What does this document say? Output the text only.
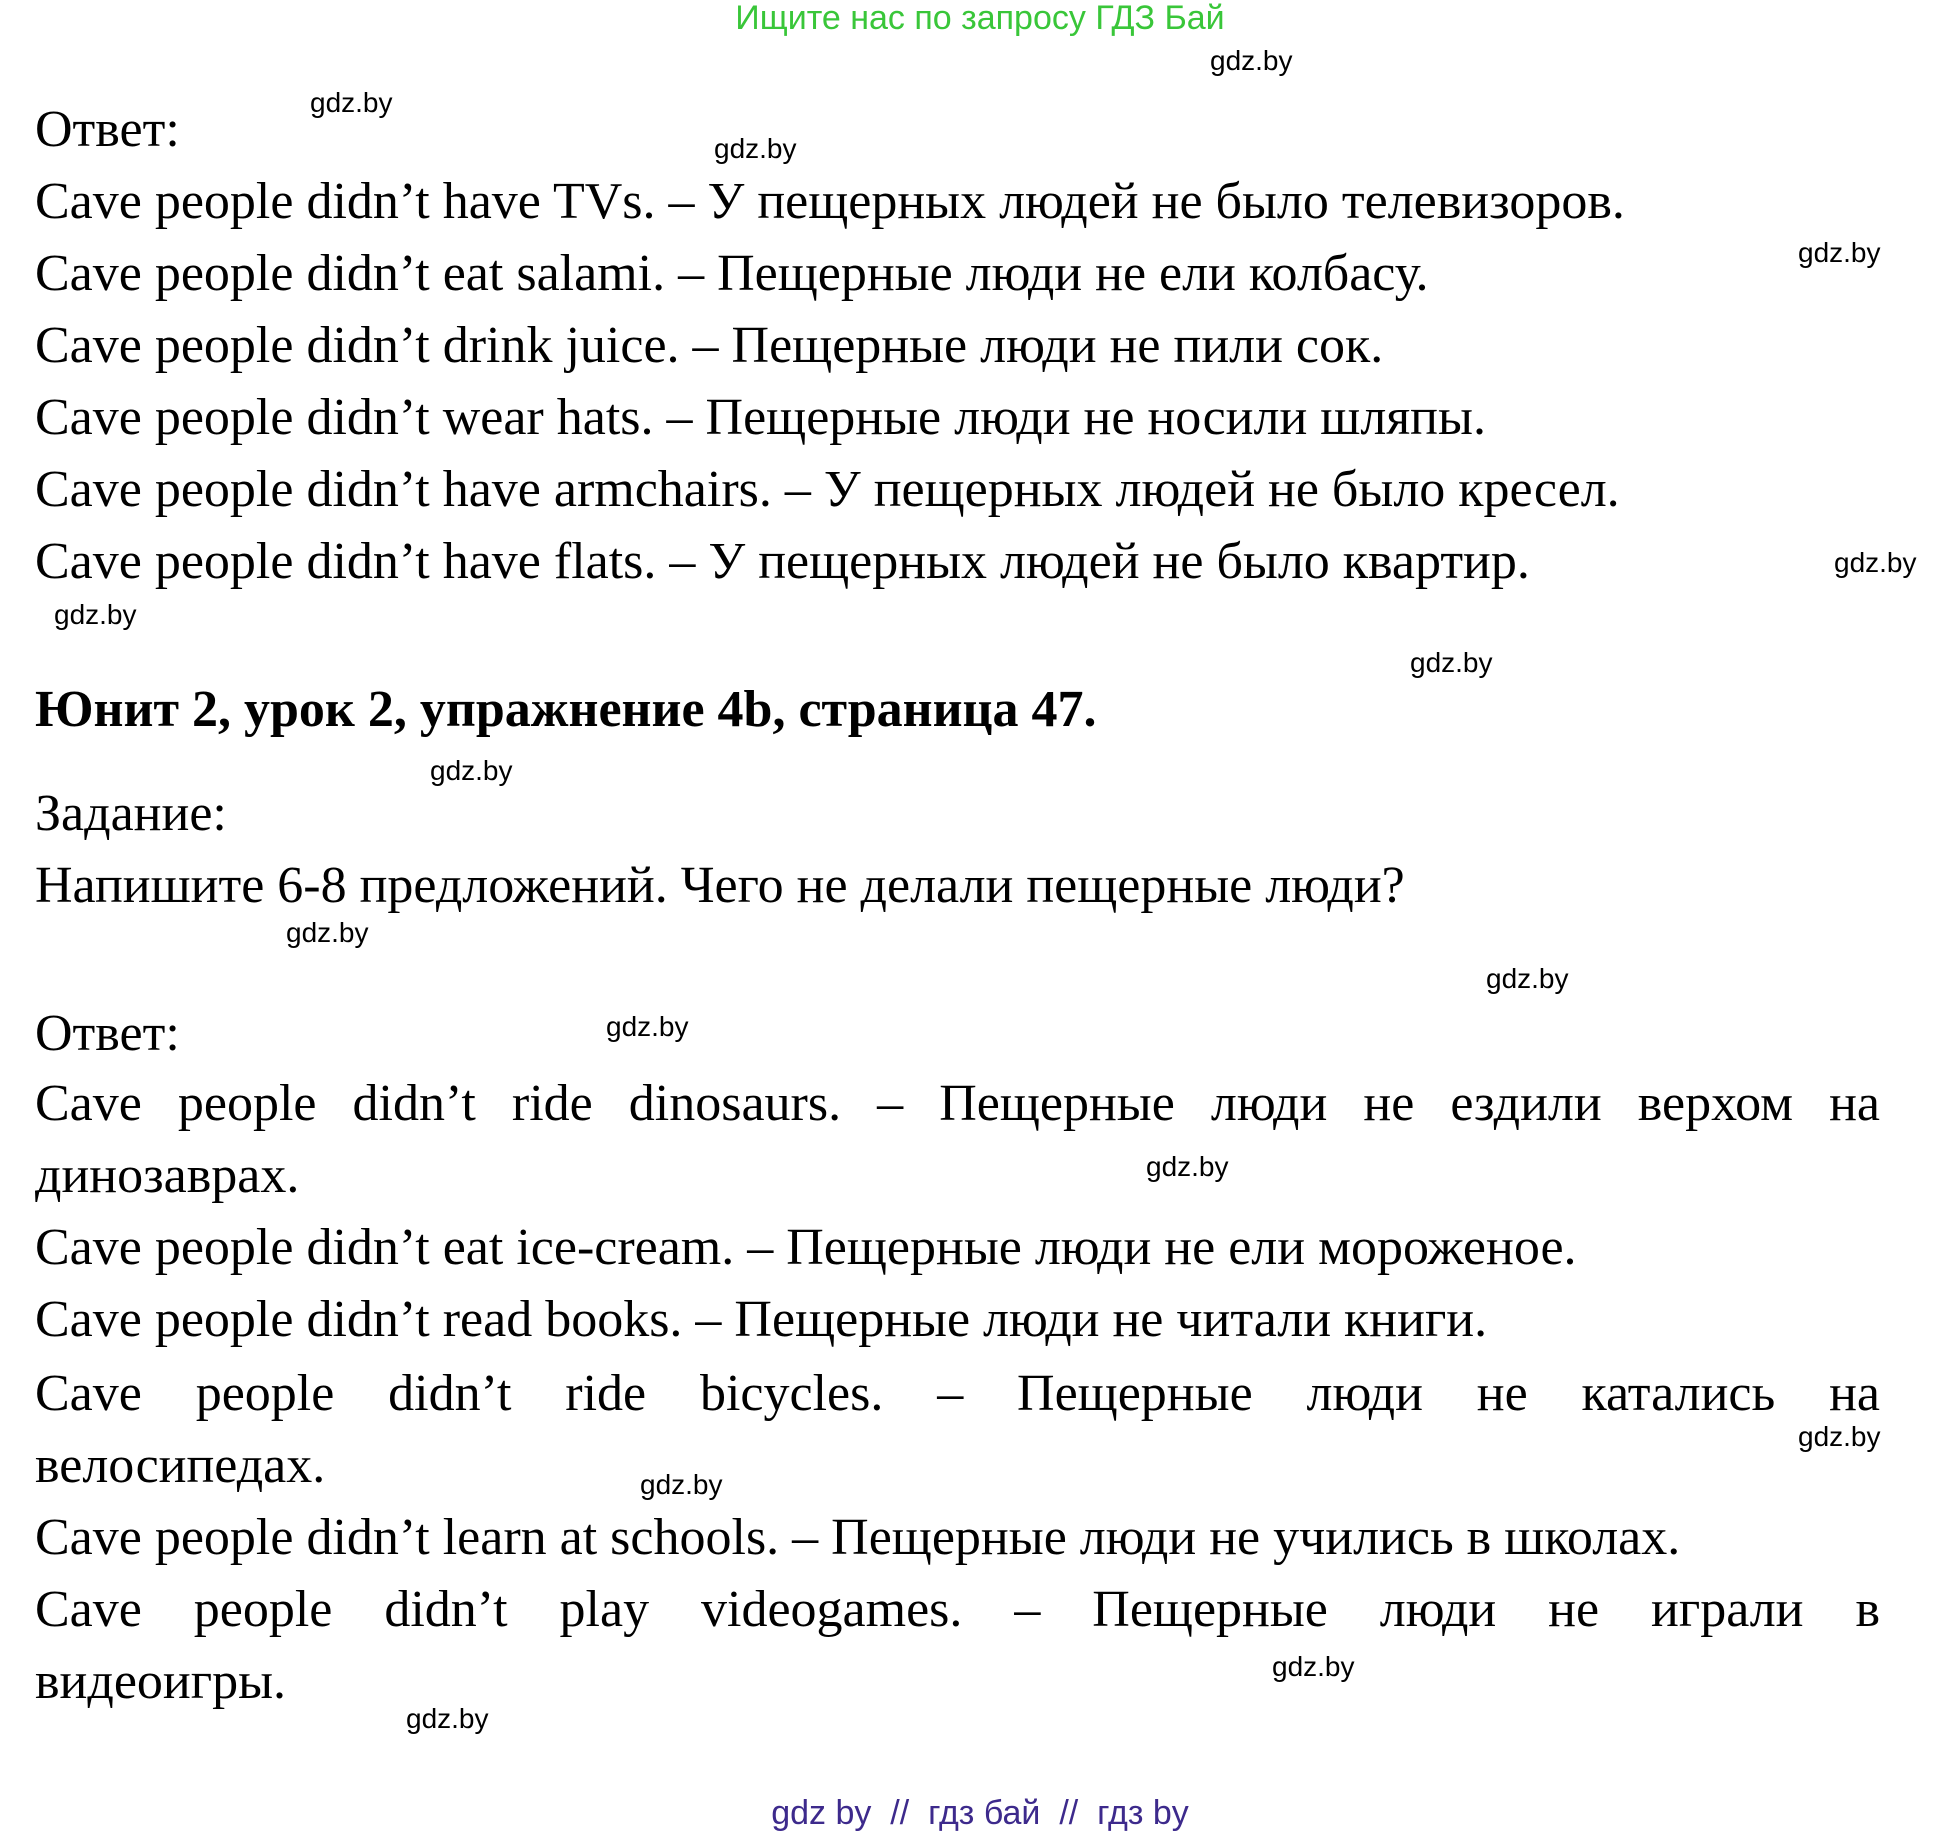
Ищите нас по запросу ГДЗ Бай
Ответ:
Cave people didn’t have TVs. – У пещерных людей не было телевизоров.
Cave people didn’t eat salami. – Пещерные люди не ели колбасу.
Cave people didn’t drink juice. – Пещерные люди не пили сок.
Cave people didn’t wear hats. – Пещерные люди не носили шляпы.
Cave people didn’t have armchairs. – У пещерных людей не было кресел.
Cave people didn’t have flats. – У пещерных людей не было квартир.
Юнит 2, урок 2, упражнение 4b, страница 47.
Задание:
Напишите 6-8 предложений. Чего не делали пещерные люди?
Ответ:
Cave people didn’t ride dinosaurs. – Пещерные люди не ездили верхом на
динозаврах.
Cave people didn’t eat ice-cream. – Пещерные люди не ели мороженое.
Cave people didn’t read books. – Пещерные люди не читали книги.
Cave people didn’t ride bicycles. – Пещерные люди не катались на
велосипедах.
Cave people didn’t learn at schools. – Пещерные люди не учились в школах.
Cave people didn’t play videogames. – Пещерные люди не играли в
видеоигры.
gdz.by
gdz.by
gdz.by
gdz.by
gdz.by
gdz.by
gdz.by
gdz.by
gdz.by
gdz.by
gdz.by
gdz.by
gdz.by
gdz.by
gdz.by
gdz.by
gdz by  //  гдз бай  //  гдз by
